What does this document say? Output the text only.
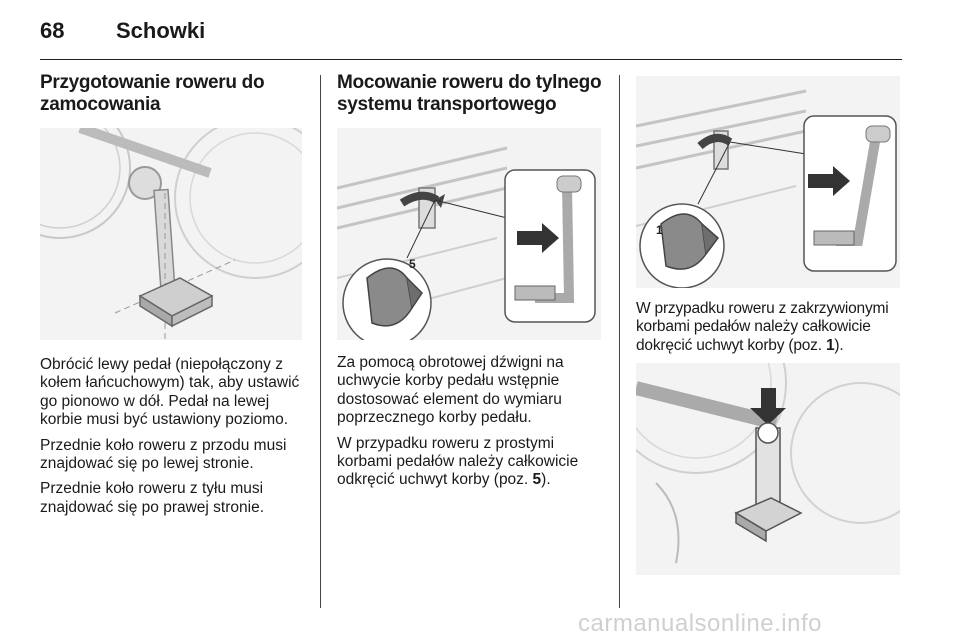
68 Schowki
Przygotowanie roweru do zamocowania

Obrócić lewy pedał (niepołączony z kołem łańcuchowym) tak, aby ustawić go pionowo w dół. Pedał na lewej korbie musi być ustawiony poziomo.

Przednie koło roweru z przodu musi znajdować się po lewej stronie.

Przednie koło roweru z tyłu musi znajdować się po prawej stronie.

Mocowanie roweru do tylnego systemu transportowego
5

Za pomocą obrotowej dźwigni na uchwycie korby pedału wstępnie dostosować element do wymiaru poprzecznego korby pedału.

W przypadku roweru z prostymi korbami pedałów należy całkowicie odkręcić uchwyt korby (poz. 5).

1

W przypadku roweru z zakrzywionymi korbami pedałów należy całkowicie dokręcić uchwyt korby (poz. 1).

carmanualsonline.info
